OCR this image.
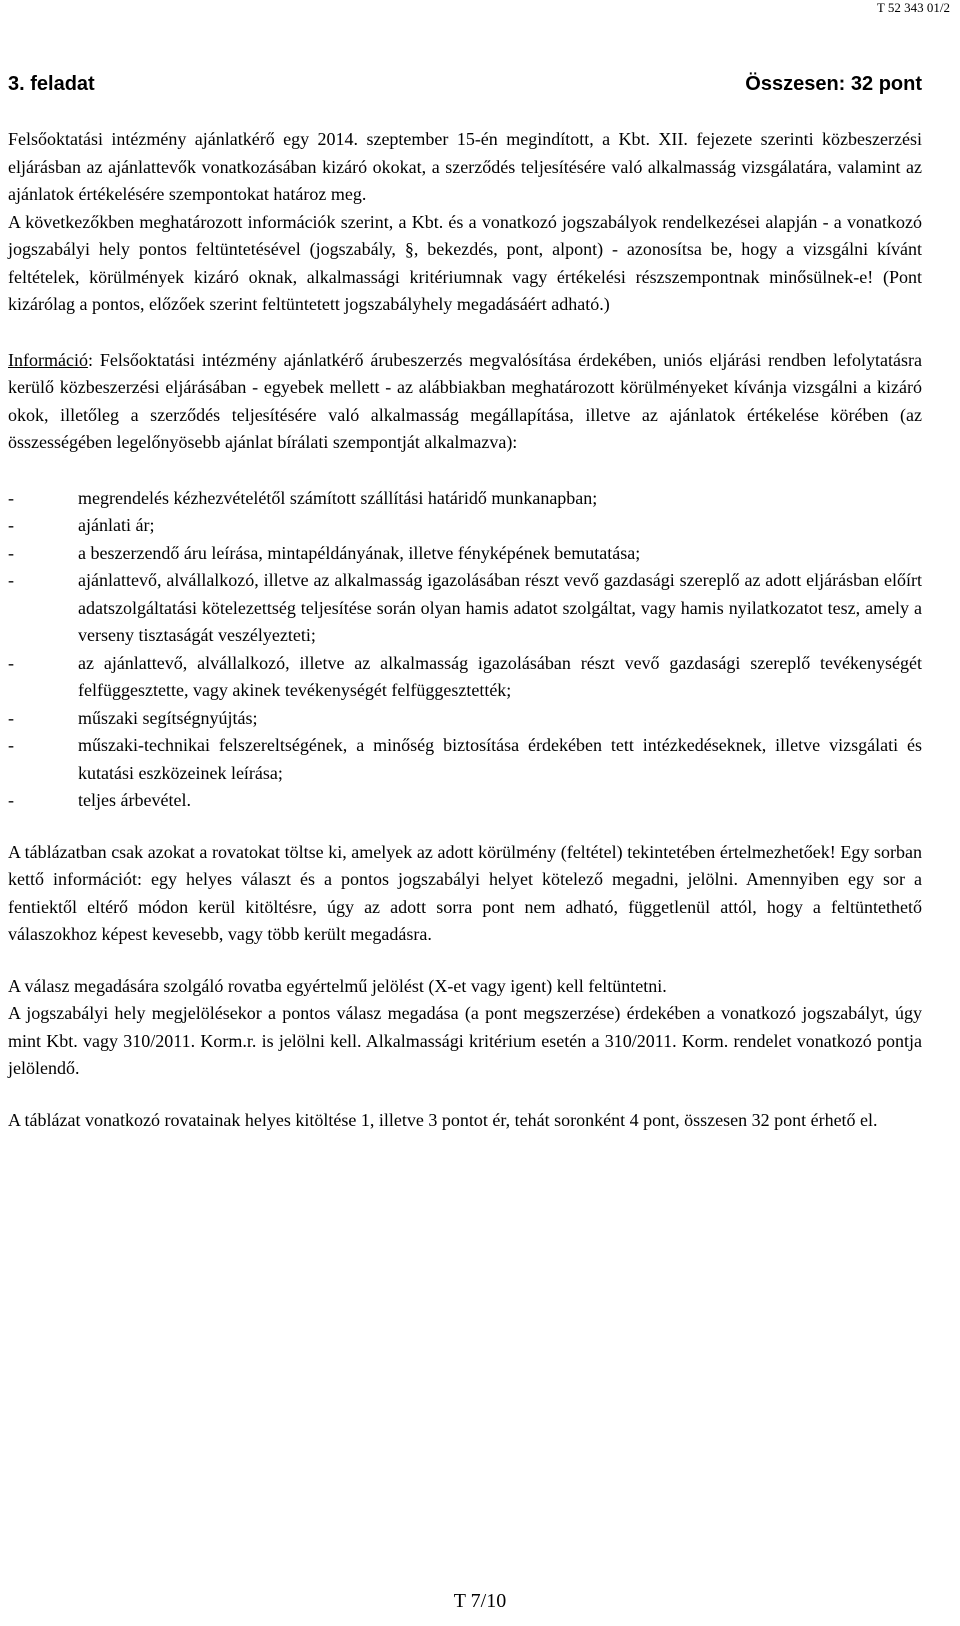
T 52 343 01/2
3. feladat	Összesen: 32 pont

Felsőoktatási intézmény ajánlatkérő egy 2014. szeptember 15-én megindított, a Kbt. XII. fejezete szerinti közbeszerzési eljárásban az ajánlattevők vonatkozásában kizáró okokat, a szerződés teljesítésére való alkalmasság vizsgálatára, valamint az ajánlatok értékelésére szempontokat határoz meg.

A következőkben meghatározott információk szerint, a Kbt. és a vonatkozó jogszabályok rendelkezései alapján - a vonatkozó jogszabályi hely pontos feltüntetésével (jogszabály, §, bekezdés, pont, alpont) - azonosítsa be, hogy a vizsgálni kívánt feltételek, körülmények kizáró oknak, alkalmassági kritériumnak vagy értékelési részszempontnak minősülnek-e! (Pont kizárólag a pontos, előzőek szerint feltüntetett jogszabályhely megadásáért adható.)

Információ: Felsőoktatási intézmény ajánlatkérő árubeszerzés megvalósítása érdekében, uniós eljárási rendben lefolytatásra kerülő közbeszerzési eljárásában - egyebek mellett - az alábbiakban meghatározott körülményeket kívánja vizsgálni a kizáró okok, illetőleg a szerződés teljesítésére való alkalmasság megállapítása, illetve az ajánlatok értékelése körében (az összességében legelőnyösebb ajánlat bírálati szempontját alkalmazva):

-	megrendelés kézhezvételétől számított szállítási határidő munkanapban;
-	ajánlati ár;
-	a beszerzendő áru leírása, mintapéldányának, illetve fényképének bemutatása;
-	ajánlattevő, alvállalkozó, illetve az alkalmasság igazolásában részt vevő gazdasági szereplő az adott eljárásban előírt adatszolgáltatási kötelezettség teljesítése során olyan hamis adatot szolgáltat, vagy hamis nyilatkozatot tesz, amely a verseny tisztaságát veszélyezteti;
-	az ajánlattevő, alvállalkozó, illetve az alkalmasság igazolásában részt vevő gazdasági szereplő tevékenységét felfüggesztette, vagy akinek tevékenységét felfüggesztették;
-	műszaki segítségnyújtás;
-	műszaki-technikai felszereltségének, a minőség biztosítása érdekében tett intézkedéseknek, illetve vizsgálati és kutatási eszközeinek leírása;
-	teljes árbevétel.

A táblázatban csak azokat a rovatokat töltse ki, amelyek az adott körülmény (feltétel) tekintetében értelmezhetőek! Egy sorban kettő információt: egy helyes választ és a pontos jogszabályi helyet kötelező megadni, jelölni. Amennyiben egy sor a fentiektől eltérő módon kerül kitöltésre, úgy az adott sorra pont nem adható, függetlenül attól, hogy a feltüntethető válaszokhoz képest kevesebb, vagy több került megadásra.

A válasz megadására szolgáló rovatba egyértelmű jelölést (X-et vagy igent) kell feltüntetni.

A jogszabályi hely megjelölésekor a pontos válasz megadása (a pont megszerzése) érdekében a vonatkozó jogszabályt, úgy mint Kbt. vagy 310/2011. Korm.r. is jelölni kell. Alkalmassági kritérium esetén a 310/2011. Korm. rendelet vonatkozó pontja jelölendő.

A táblázat vonatkozó rovatainak helyes kitöltése 1, illetve 3 pontot ér, tehát soronként 4 pont, összesen 32 pont érhető el.

T 7/10
